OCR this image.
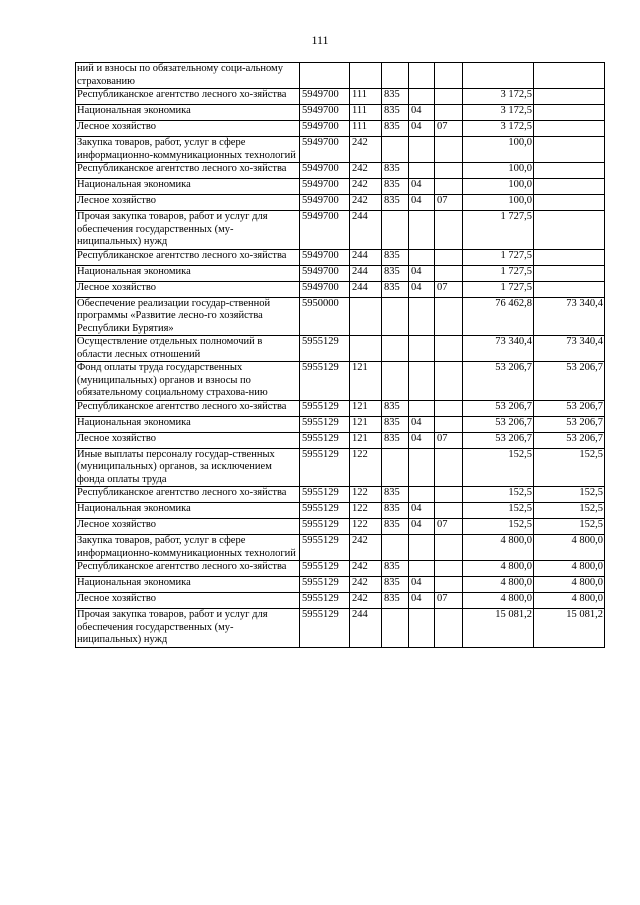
111
ний и взносы по обязательному соци-альному страхованию							
Республиканское агентство лесного хо-зяйства	5949700	111	835			3 172,5	
Национальная экономика	5949700	111	835	04		3 172,5	
Лесное хозяйство	5949700	111	835	04	07	3 172,5	
Закупка товаров, работ, услуг в сфере информационно-коммуникационных технологий	5949700	242				100,0	
Республиканское агентство лесного хо-зяйства	5949700	242	835			100,0	
Национальная экономика	5949700	242	835	04		100,0	
Лесное хозяйство	5949700	242	835	04	07	100,0	
Прочая закупка товаров, работ и услуг для обеспечения государственных (му-ниципальных) нужд	5949700	244				1 727,5	
Республиканское агентство лесного хо-зяйства	5949700	244	835			1 727,5	
Национальная экономика	5949700	244	835	04		1 727,5	
Лесное хозяйство	5949700	244	835	04	07	1 727,5	
Обеспечение реализации государ-ственной программы «Развитие лесно-го хозяйства Республики Бурятия»	5950000					76 462,8	73 340,4
Осуществление отдельных полномочий в области лесных отношений	5955129					73 340,4	73 340,4
Фонд оплаты труда государственных (муниципальных) органов и взносы по обязательному социальному страхова-нию	5955129	121				53 206,7	53 206,7
Республиканское агентство лесного хо-зяйства	5955129	121	835			53 206,7	53 206,7
Национальная экономика	5955129	121	835	04		53 206,7	53 206,7
Лесное хозяйство	5955129	121	835	04	07	53 206,7	53 206,7
Иные выплаты персоналу государ-ственных (муниципальных) органов, за исключением фонда оплаты труда	5955129	122				152,5	152,5
Республиканское агентство лесного хо-зяйства	5955129	122	835			152,5	152,5
Национальная экономика	5955129	122	835	04		152,5	152,5
Лесное хозяйство	5955129	122	835	04	07	152,5	152,5
Закупка товаров, работ, услуг в сфере информационно-коммуникационных технологий	5955129	242				4 800,0	4 800,0
Республиканское агентство лесного хо-зяйства	5955129	242	835			4 800,0	4 800,0
Национальная экономика	5955129	242	835	04		4 800,0	4 800,0
Лесное хозяйство	5955129	242	835	04	07	4 800,0	4 800,0
Прочая закупка товаров, работ и услуг для обеспечения государственных (му-ниципальных) нужд	5955129	244				15 081,2	15 081,2
